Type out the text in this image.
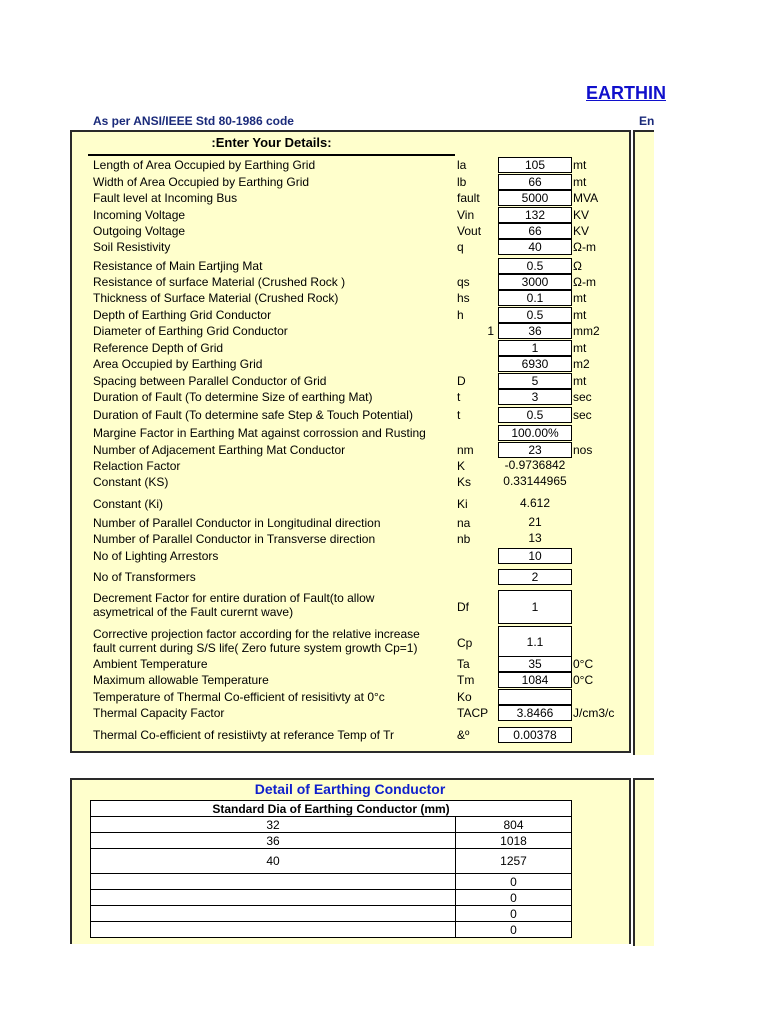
EARTHIN
As per ANSI/IEEE Std 80-1986 code	En
:Enter Your Details:
Length of Area Occupied by Earthing Grid	la	105	mt
Width of Area Occupied by Earthing Grid	lb	66	mt
Fault level at Incoming Bus	fault	5000	MVA
Incoming Voltage	Vin	132	KV
Outgoing Voltage	Vout	66	KV
Soil Resistivity	q	40	Ω-m
Resistance of Main Eartjing Mat	0.5	Ω
Resistance of surface Material (Crushed Rock )	qs	3000	Ω-m
Thickness of Surface Material (Crushed Rock)	hs	0.1	mt
Depth of Earthing Grid Conductor	h	0.5	mt
Diameter of Earthing Grid Conductor	1	36	mm2
Reference Depth of Grid	1	mt
Area Occupied by Earthing Grid	6930	m2
Spacing between Parallel Conductor of Grid	D	5	mt
Duration of Fault (To determine Size of earthing Mat)	t	3	sec
Duration of Fault (To determine safe Step & Touch Potential)	t	0.5	sec
Margine Factor in Earthing Mat against corrossion and Rusting	100.00%
Number of Adjacement Earthing Mat Conductor	nm	23	nos
Relaction Factor	K	-0.9736842
Constant (KS)	Ks	0.33144965
Constant (Ki)	Ki	4.612
Number of Parallel Conductor in Longitudinal direction	na	21
Number of Parallel Conductor in Transverse direction	nb	13
No of Lighting Arrestors	10
No of Transformers	2
Decrement Factor for entire duration of Fault(to allow
asymetrical of the Fault curernt wave)	Df	1
Corrective projection factor according for the relative increase
fault current during S/S life( Zero future system growth Cp=1)	Cp	1.1
Ambient Temperature	Ta	35	0°C
Maximum allowable Temperature	Tm	1084	0°C
Temperature of Thermal Co-efficient of resisitivty at 0°c	Ko
Thermal Capacity Factor	TACP	3.8466	J/cm3/c
Thermal Co-efficient of resistiivty at referance Temp of Tr	&º	0.00378
Detail of Earthing Conductor
Standard Dia of Earthing Conductor (mm)	
32	804
36	1018
40	1257
	0
	0
	0
	0
